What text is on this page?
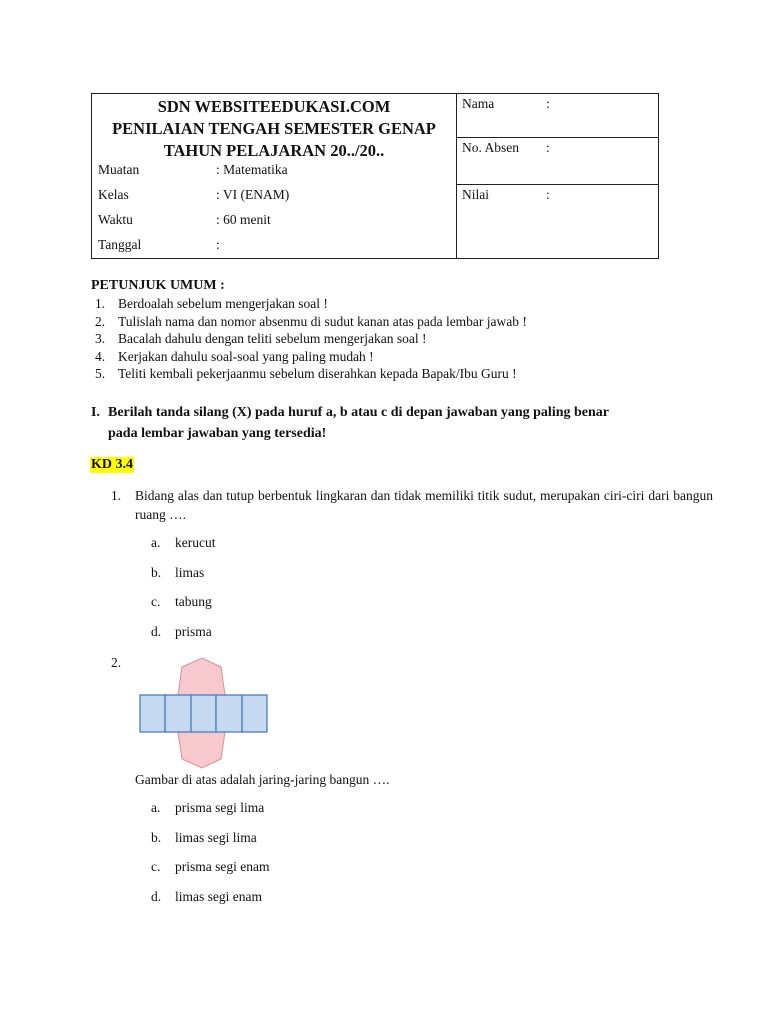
SDN WEBSITEEDUKASI.COM
PENILAIAN TENGAH SEMESTER GENAP
TAHUN PELAJARAN 20../20..
Muatan	: Matematika
Kelas	: VI (ENAM)
Waktu	: 60 menit
Tanggal	:
Nama	:
No. Absen :
Nilai	:
PETUNJUK UMUM :
1. Berdoalah sebelum mengerjakan soal !
2. Tulislah nama dan nomor absenmu di sudut kanan atas pada lembar jawab !
3. Bacalah dahulu dengan teliti sebelum mengerjakan soal !
4. Kerjakan dahulu soal-soal yang paling mudah !
5. Teliti kembali pekerjaanmu sebelum diserahkan kepada Bapak/Ibu Guru !
I. Berilah tanda silang (X) pada huruf a, b atau c di depan jawaban yang paling benar
pada lembar jawaban yang tersedia!
KD 3.4
1. Bidang alas dan tutup berbentuk lingkaran dan tidak memiliki titik sudut, merupakan ciri-ciri dari bangun ruang ….
a. kerucut
b. limas
c. tabung
d. prisma
2.
Gambar di atas adalah jaring-jaring bangun ….
a. prisma segi lima
b. limas segi lima
c. prisma segi enam
d. limas segi enam
